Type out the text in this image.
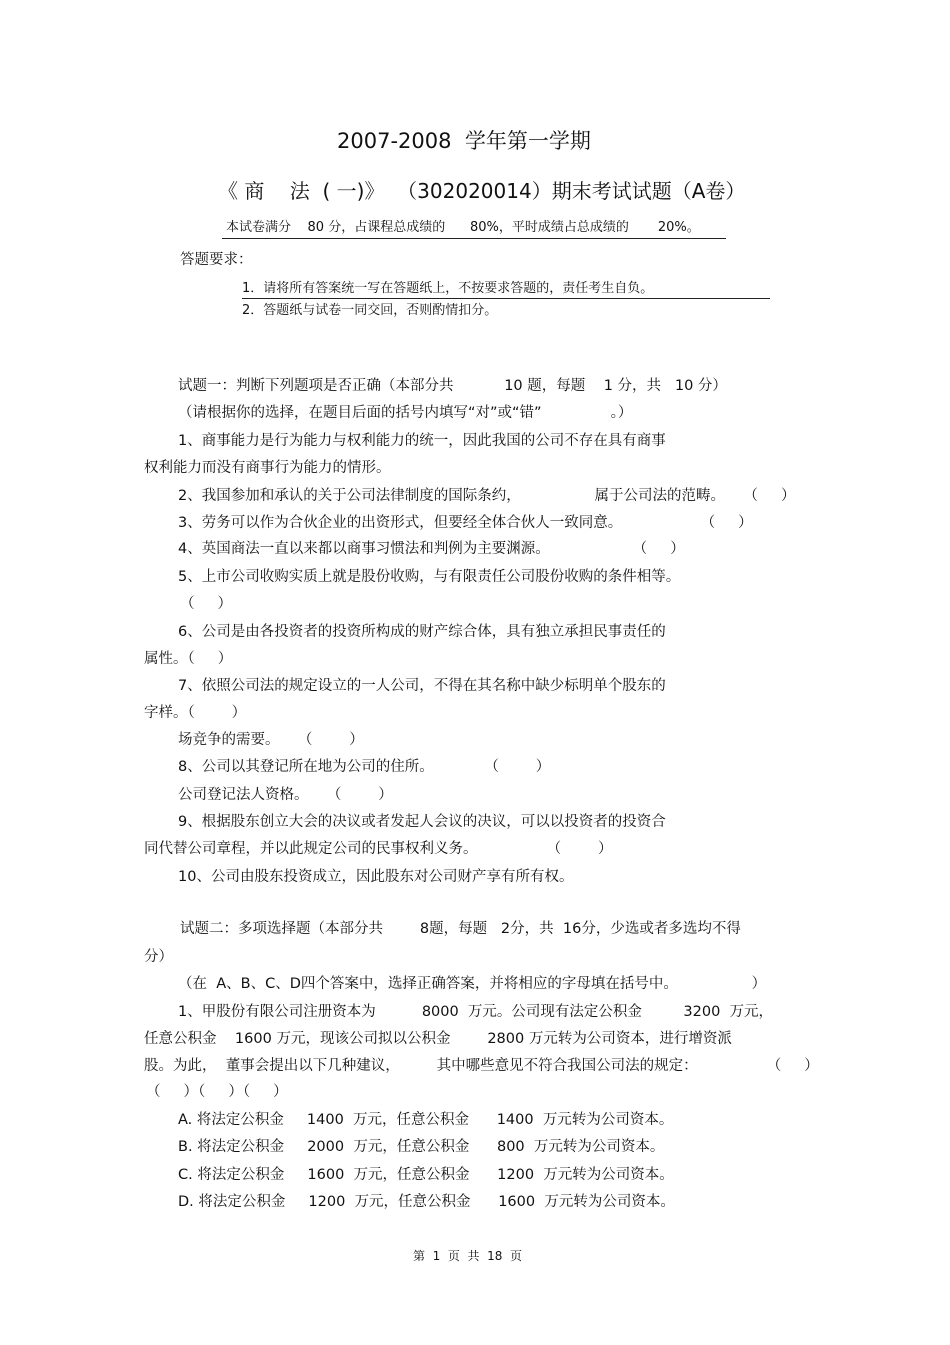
2007-2008  学年第一学期
《 商    法  ( 一)》  （302020014）期末考试试题（A卷）
本试卷满分    80 分，占课程总成绩的      80%，平时成绩占总成绩的       20%。
答题要求：
1．请将所有答案统一写在答题纸上，不按要求答题的，责任考生自负。
2．答题纸与试卷一同交回，否则酌情扣分。
试题一：判断下列题项是否正确（本部分共           10 题，每题    1 分，共   10 分）
（请根据你的选择，在题目后面的括号内填写“对”或“错”               。）
1、商事能力是行为能力与权利能力的统一，因此我国的公司不存在具有商事
权利能力而没有商事行为能力的情形。
2、我国参加和承认的关于公司法律制度的国际条约，                属于公司法的范畴。    （     ）
3、劳务可以作为合伙企业的出资形式，但要经全体合伙人一致同意。                 （     ）
4、英国商法一直以来都以商事习惯法和判例为主要渊源。                  （     ）
5、上市公司收购实质上就是股份收购，与有限责任公司股份收购的条件相等。
（     ）
6、公司是由各投资者的投资所构成的财产综合体，具有独立承担民事责任的
属性。（     ）
7、依照公司法的规定设立的一人公司，不得在其名称中缺少标明单个股东的
字样。（        ）
场竞争的需要。    （        ）
8、公司以其登记所在地为公司的住所。           （        ）
公司登记法人资格。    （        ）
9、根据股东创立大会的决议或者发起人会议的决议，可以以投资者的投资合
同代替公司章程，并以此规定公司的民事权利义务。               （        ）
10、公司由股东投资成立，因此股东对公司财产享有所有权。
试题二：多项选择题（本部分共        8题，每题   2分，共  16分，少选或者多选均不得
分）
（在  A、B、C、D四个答案中，选择正确答案，并将相应的字母填在括号中。                ）
1、甲股份有限公司注册资本为          8000  万元。公司现有法定公积金         3200  万元，
任意公积金    1600 万元，现该公司拟以公积金        2800 万元转为公司资本，进行增资派
股。为此，  董事会提出以下几种建议，        其中哪些意见不符合我国公司法的规定：               （     ）
（     ）（     ）（     ）
A. 将法定公积金     1400  万元，任意公积金      1400  万元转为公司资本。
B. 将法定公积金     2000  万元，任意公积金      800  万元转为公司资本。
C. 将法定公积金     1600  万元，任意公积金      1200  万元转为公司资本。
D. 将法定公积金     1200  万元，任意公积金      1600  万元转为公司资本。
第  1  页  共  18  页
